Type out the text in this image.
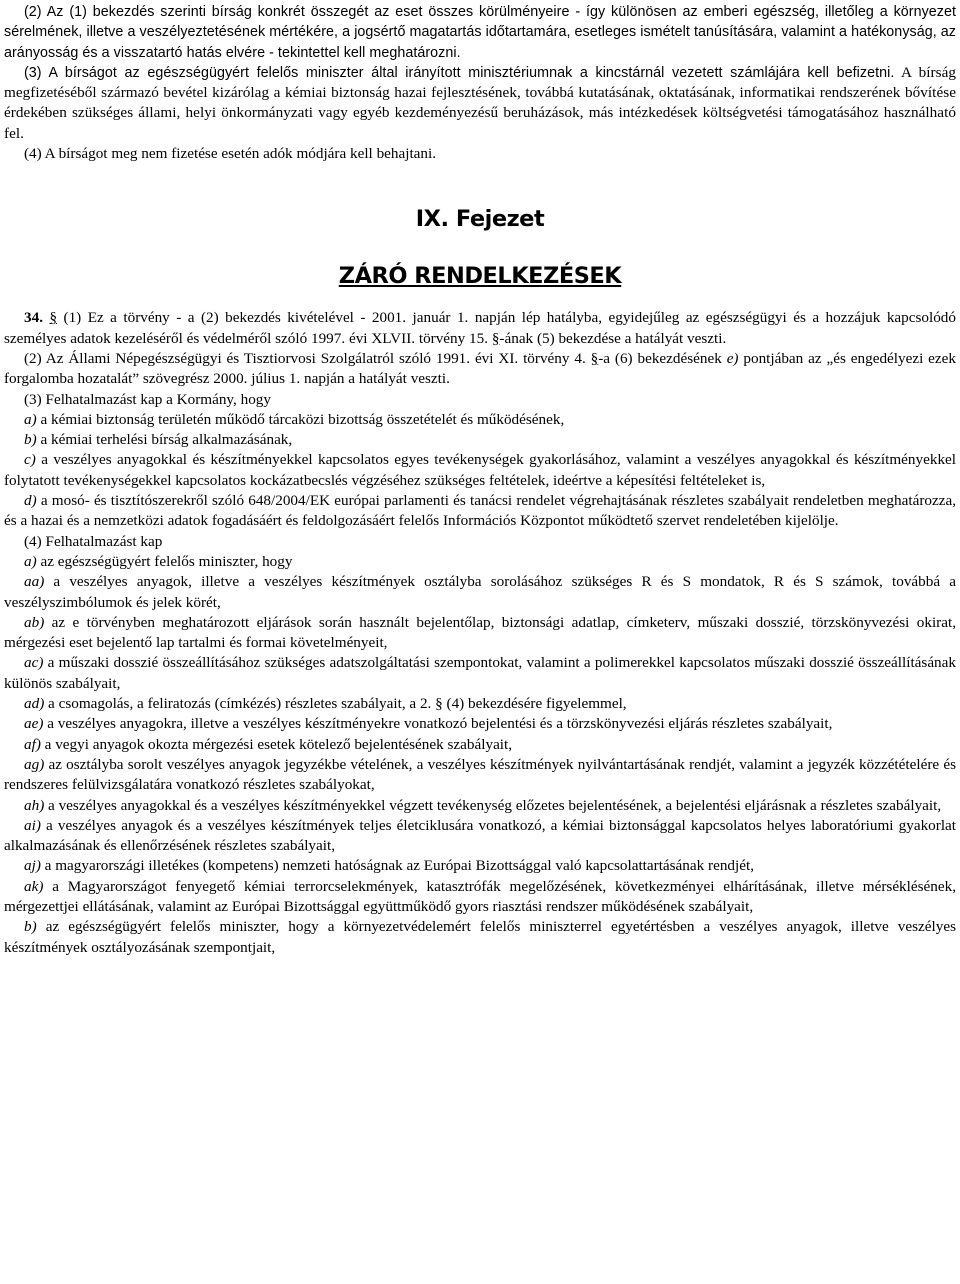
(2) Az (1) bekezdés szerinti bírság konkrét összegét az eset összes körülményeire - így különösen az emberi egészség, illetőleg a környezet sérelmének, illetve a veszélyeztetésének mértékére, a jogsértő magatartás időtartamára, esetleges ismételt tanúsítására, valamint a hatékonyság, az arányosság és a visszatartó hatás elvére - tekintettel kell meghatározni.

(3) A bírságot az egészségügyért felelős miniszter által irányított minisztériumnak a kincstárnál vezetett számlájára kell befizetni. A bírság megfizetéséből származó bevétel kizárólag a kémiai biztonság hazai fejlesztésének, továbbá kutatásának, oktatásának, informatikai rendszerének bővítése érdekében szükséges állami, helyi önkormányzati vagy egyéb kezdeményezésű beruházások, más intézkedések költségvetési támogatásához használható fel.

(4) A bírságot meg nem fizetése esetén adók módjára kell behajtani.

IX. Fejezet
ZÁRÓ RENDELKEZÉSEK

34. § (1) Ez a törvény - a (2) bekezdés kivételével - 2001. január 1. napján lép hatályba, egyidejűleg az egészségügyi és a hozzájuk kapcsolódó személyes adatok kezeléséről és védelméről szóló 1997. évi XLVII. törvény 15. §-ának (5) bekezdése a hatályát veszti.

(2) Az Állami Népegészségügyi és Tisztiorvosi Szolgálatról szóló 1991. évi XI. törvény 4. §-a (6) bekezdésének e) pontjában az „és engedélyezi ezek forgalomba hozatalát” szövegrész 2000. július 1. napján a hatályát veszti.

(3) Felhatalmazást kap a Kormány, hogy

a) a kémiai biztonság területén működő tárcaközi bizottság összetételét és működésének,

b) a kémiai terhelési bírság alkalmazásának,

c) a veszélyes anyagokkal és készítményekkel kapcsolatos egyes tevékenységek gyakorlásához, valamint a veszélyes anyagokkal és készítményekkel folytatott tevékenységekkel kapcsolatos kockázatbecslés végzéséhez szükséges feltételek, ideértve a képesítési feltételeket is,

d) a mosó- és tisztítószerekről szóló 648/2004/EK európai parlamenti és tanácsi rendelet végrehajtásának részletes szabályait rendeletben meghatározza, és a hazai és a nemzetközi adatok fogadásáért és feldolgozásáért felelős Információs Központot működtető szervet rendeletében kijelölje.

(4) Felhatalmazást kap

a) az egészségügyért felelős miniszter, hogy

aa) a veszélyes anyagok, illetve a veszélyes készítmények osztályba sorolásához szükséges R és S mondatok, R és S számok, továbbá a veszélyszimbólumok és jelek körét,

ab) az e törvényben meghatározott eljárások során használt bejelentőlap, biztonsági adatlap, címketerv, műszaki dosszié, törzskönyvezési okirat, mérgezési eset bejelentő lap tartalmi és formai követelményeit,

ac) a műszaki dosszié összeállításához szükséges adatszolgáltatási szempontokat, valamint a polimerekkel kapcsolatos műszaki dosszié összeállításának különös szabályait,

ad) a csomagolás, a feliratozás (címkézés) részletes szabályait, a 2. § (4) bekezdésére figyelemmel,

ae) a veszélyes anyagokra, illetve a veszélyes készítményekre vonatkozó bejelentési és a törzskönyvezési eljárás részletes szabályait,

af) a vegyi anyagok okozta mérgezési esetek kötelező bejelentésének szabályait,

ag) az osztályba sorolt veszélyes anyagok jegyzékbe vételének, a veszélyes készítmények nyilvántartásának rendjét, valamint a jegyzék közzétételére és rendszeres felülvizsgálatára vonatkozó részletes szabályokat,

ah) a veszélyes anyagokkal és a veszélyes készítményekkel végzett tevékenység előzetes bejelentésének, a bejelentési eljárásnak a részletes szabályait,

ai) a veszélyes anyagok és a veszélyes készítmények teljes életciklusára vonatkozó, a kémiai biztonsággal kapcsolatos helyes laboratóriumi gyakorlat alkalmazásának és ellenőrzésének részletes szabályait,

aj) a magyarországi illetékes (kompetens) nemzeti hatóságnak az Európai Bizottsággal való kapcsolattartásának rendjét,

ak) a Magyarországot fenyegető kémiai terrorcselekmények, katasztrófák megelőzésének, következményei elhárításának, illetve mérséklésének, mérgezettjei ellátásának, valamint az Európai Bizottsággal együttműködő gyors riasztási rendszer működésének szabályait,

b) az egészségügyért felelős miniszter, hogy a környezetvédelemért felelős miniszterrel egyetértésben a veszélyes anyagok, illetve veszélyes készítmények osztályozásának szempontjait,
